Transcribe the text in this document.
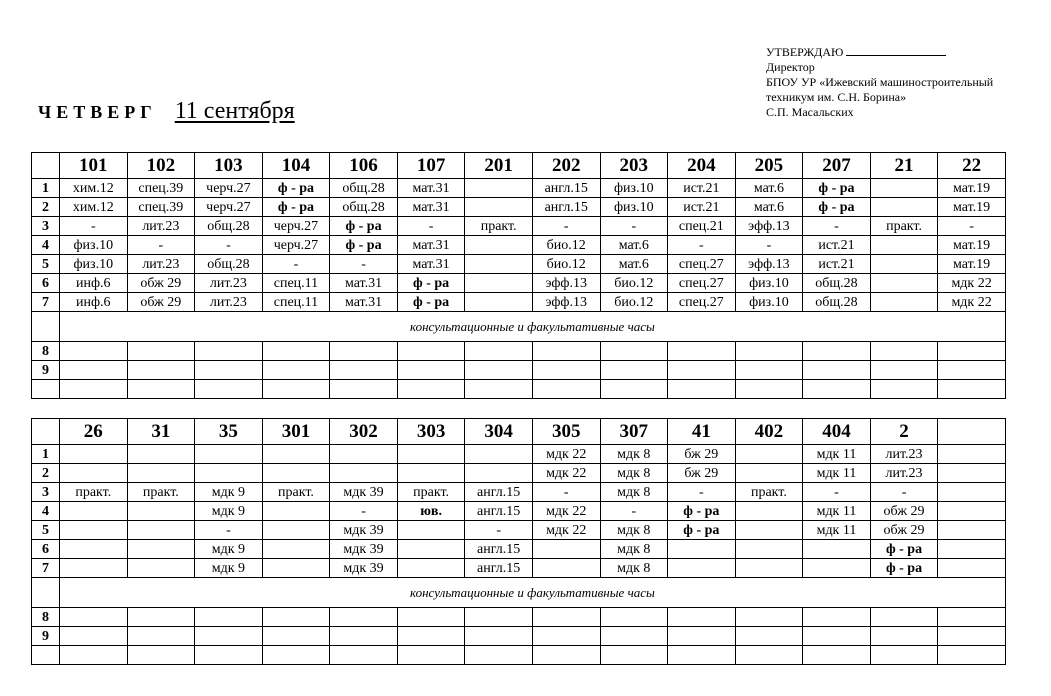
УТВЕРЖДАЮ
Директор
БПОУ УР «Ижевский машиностроительный
техникум им. С.Н. Борина»
С.П. Масальских
ЧЕТВЕРГ 11 сентября
	101	102	103	104	106	107	201	202	203	204	205	207	21	22
1	хим.12	спец.39	черч.27	ф - ра	общ.28	мат.31		англ.15	физ.10	ист.21	мат.6	ф - ра		мат.19
2	хим.12	спец.39	черч.27	ф - ра	общ.28	мат.31		англ.15	физ.10	ист.21	мат.6	ф - ра		мат.19
3	-	лит.23	общ.28	черч.27	ф - ра	-	практ.	-	-	спец.21	эфф.13	-	практ.	-
4	физ.10	-	-	черч.27	ф - ра	мат.31		био.12	мат.6	-	-	ист.21		мат.19
5	физ.10	лит.23	общ.28	-	-	мат.31		био.12	мат.6	спец.27	эфф.13	ист.21		мат.19
6	инф.6	обж 29	лит.23	спец.11	мат.31	ф - ра		эфф.13	био.12	спец.27	физ.10	общ.28		мдк 22
7	инф.6	обж 29	лит.23	спец.11	мат.31	ф - ра		эфф.13	био.12	спец.27	физ.10	общ.28		мдк 22
	консультационные и факультативные часы													
8														
9														

	26	31	35	301	302	303	304	305	307	41	402	404	2	
1								мдк 22	мдк 8	бж 29		мдк 11	лит.23	
2								мдк 22	мдк 8	бж 29		мдк 11	лит.23	
3	практ.	практ.	мдк 9	практ.	мдк 39	практ.	англ.15	-	мдк 8	-	практ.	-	-	
4			мдк 9		-	юв.	англ.15	мдк 22	-	ф - ра		мдк 11	обж 29	
5			-		мдк 39		-	мдк 22	мдк 8	ф - ра		мдк 11	обж 29	
6			мдк 9		мдк 39		англ.15		мдк 8				ф - ра	
7			мдк 9		мдк 39		англ.15		мдк 8				ф - ра	
	консультационные и факультативные часы													
8														
9														
